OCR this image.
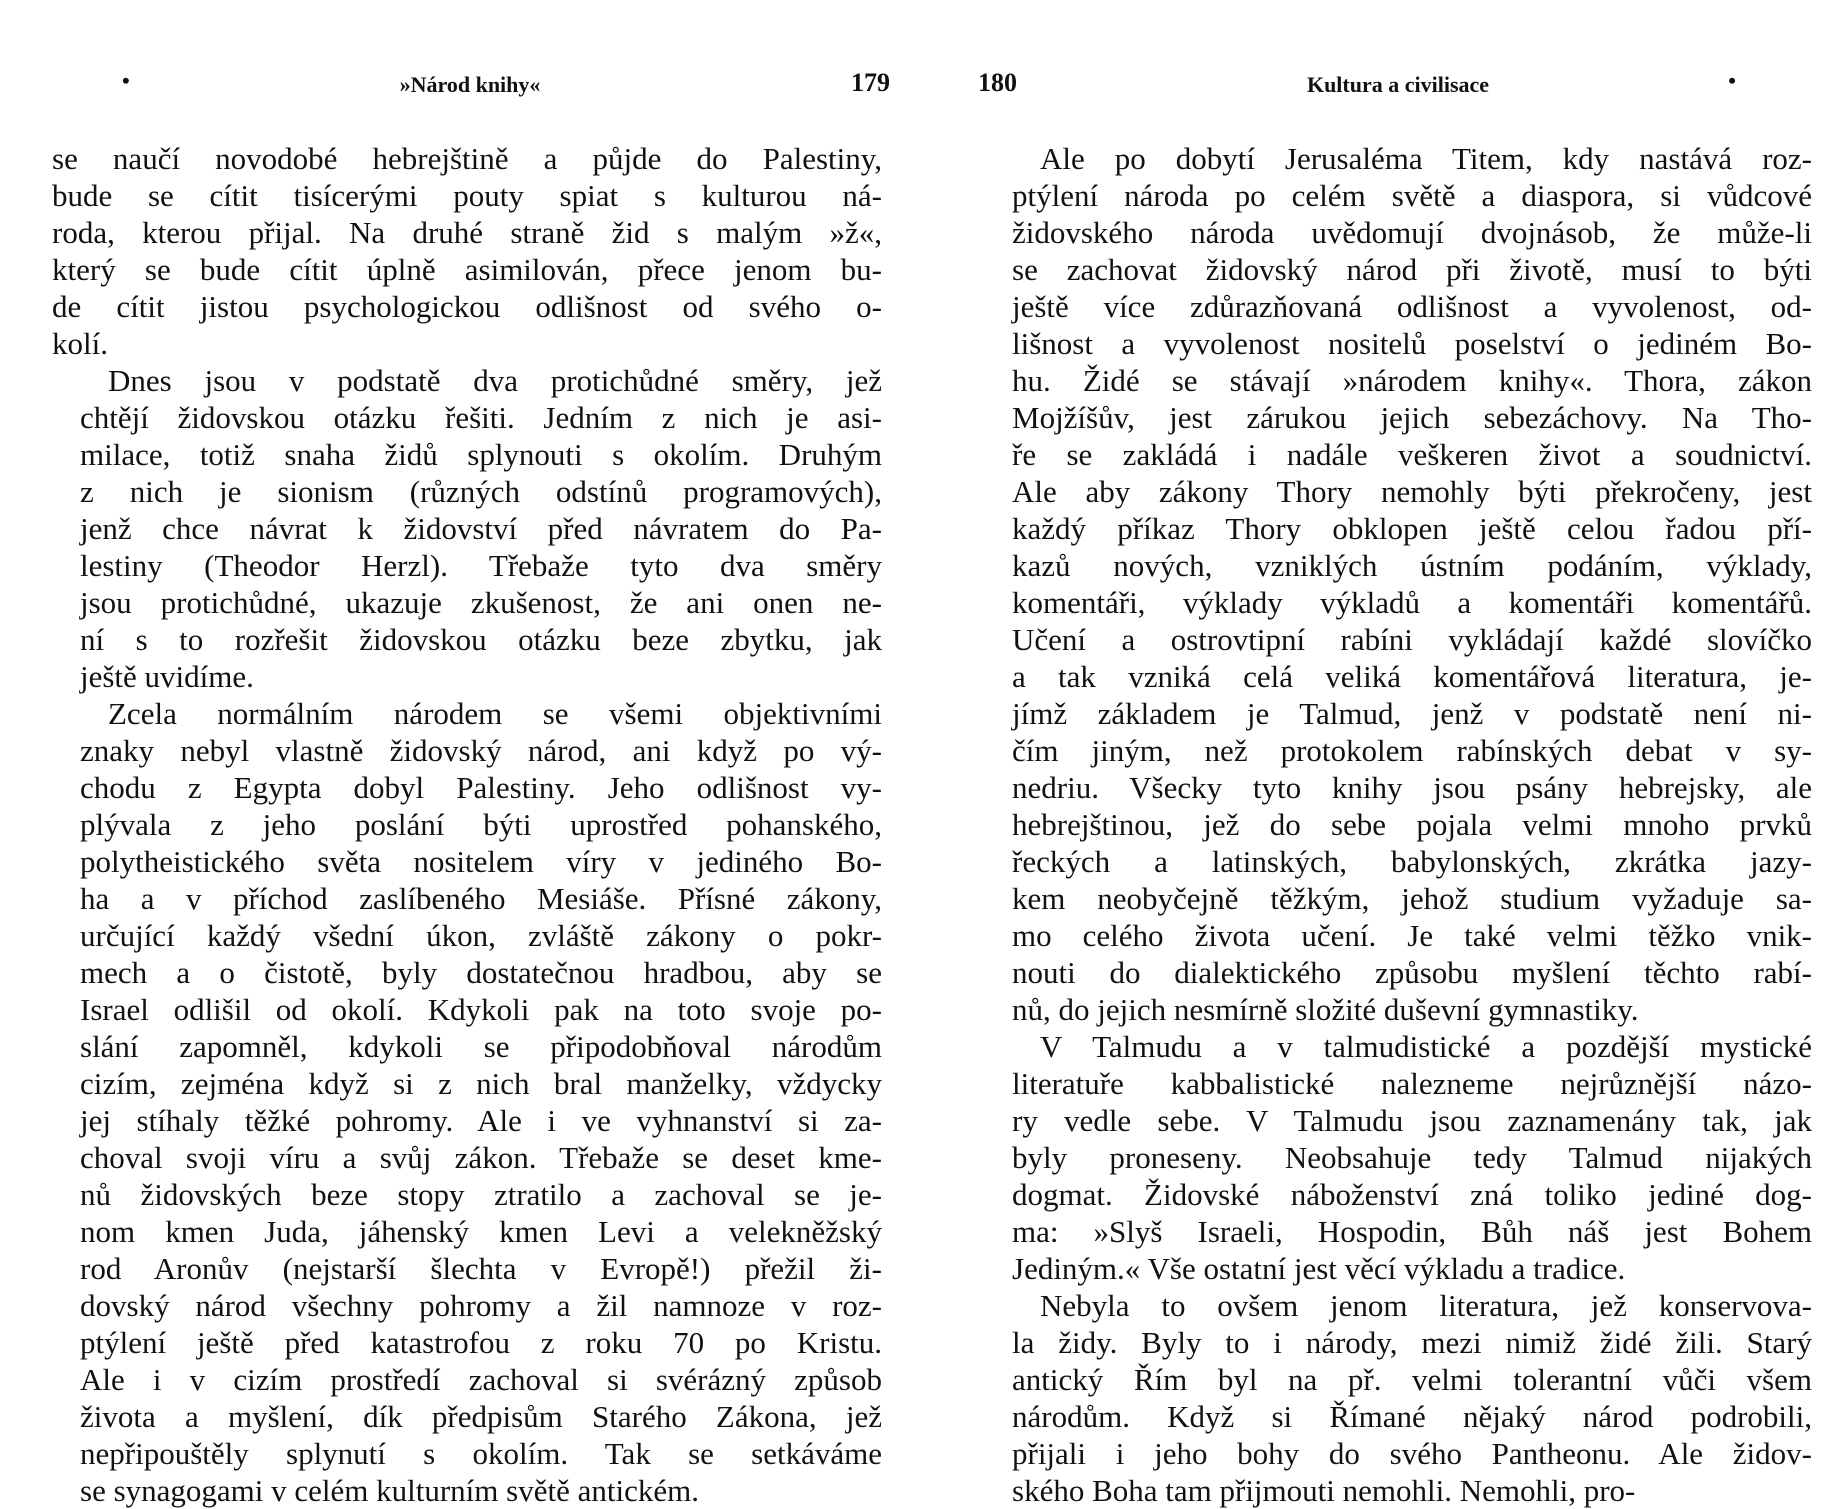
•	»Národ knihy«	179

se naučí novodobé hebrejštině a půjde do Palestiny,
bude se cítit tisícerými pouty spiat s kulturou ná-
roda, kterou přijal. Na druhé straně žid s malým »ž«,
který se bude cítit úplně asimilován, přece jenom bu-
de cítit jistou psychologickou odlišnost od svého o-
kolí.

Dnes jsou v podstatě dva protichůdné směry, jež
chtějí židovskou otázku řešiti. Jedním z nich je asi-
milace, totiž snaha židů splynouti s okolím. Druhým
z nich je sionism (různých odstínů programových),
jenž chce návrat k židovství před návratem do Pa-
lestiny (Theodor Herzl). Třebaže tyto dva směry
jsou protichůdné, ukazuje zkušenost, že ani onen ne-
ní s to rozřešit židovskou otázku beze zbytku, jak
ještě uvidíme.

Zcela normálním národem se všemi objektivními
znaky nebyl vlastně židovský národ, ani když po vý-
chodu z Egypta dobyl Palestiny. Jeho odlišnost vy-
plývala z jeho poslání býti uprostřed pohanského,
polytheistického světa nositelem víry v jediného Bo-
ha a v příchod zaslíbeného Mesiáše. Přísné zákony,
určující každý všední úkon, zvláště zákony o pokr-
mech a o čistotě, byly dostatečnou hradbou, aby se
Israel odlišil od okolí. Kdykoli pak na toto svoje po-
slání zapomněl, kdykoli se připodobňoval národům
cizím, zejména když si z nich bral manželky, vždycky
jej stíhaly těžké pohromy. Ale i ve vyhnanství si za-
choval svoji víru a svůj zákon. Třebaže se deset kme-
nů židovských beze stopy ztratilo a zachoval se je-
nom kmen Juda, jáhenský kmen Levi a velekněžský
rod Aronův (nejstarší šlechta v Evropě!) přežil ži-
dovský národ všechny pohromy a žil namnoze v roz-
ptýlení ještě před katastrofou z roku 70 po Kristu.
Ale i v cizím prostředí zachoval si svérázný způsob
života a myšlení, dík předpisům Starého Zákona, jež
nepřipouštěly splynutí s okolím. Tak se setkáváme
se synagogami v celém kulturním světě antickém.

180	Kultura a civilisace	•

Ale po dobytí Jerusaléma Titem, kdy nastává roz-
ptýlení národa po celém světě a diaspora, si vůdcové
židovského národa uvědomují dvojnásob, že může-li
se zachovat židovský národ při životě, musí to býti
ještě více zdůrazňovaná odlišnost a vyvolenost, od-
lišnost a vyvolenost nositelů poselství o jediném Bo-
hu. Židé se stávají »národem knihy«. Thora, zákon
Mojžíšův, jest zárukou jejich sebezáchovy. Na Tho-
ře se zakládá i nadále veškeren život a soudnictví.
Ale aby zákony Thory nemohly býti překročeny, jest
každý příkaz Thory obklopen ještě celou řadou pří-
kazů nových, vzniklých ústním podáním, výklady,
komentáři, výklady výkladů a komentáři komentářů.
Učení a ostrovtipní rabíni vykládají každé slovíčko
a tak vzniká celá veliká komentářová literatura, je-
jímž základem je Talmud, jenž v podstatě není ni-
čím jiným, než protokolem rabínských debat v sy-
nedriu. Všecky tyto knihy jsou psány hebrejsky, ale
hebrejštinou, jež do sebe pojala velmi mnoho prvků
řeckých a latinských, babylonských, zkrátka jazy-
kem neobyčejně těžkým, jehož studium vyžaduje sa-
mo celého života učení. Je také velmi těžko vnik-
nouti do dialektického způsobu myšlení těchto rabí-
nů, do jejich nesmírně složité duševní gymnastiky.

V Talmudu a v talmudistické a pozdější mystické
literatuře kabbalistické nalezneme nejrůznější názo-
ry vedle sebe. V Talmudu jsou zaznamenány tak, jak
byly proneseny. Neobsahuje tedy Talmud nijakých
dogmat. Židovské náboženství zná toliko jediné dog-
ma: »Slyš Israeli, Hospodin, Bůh náš jest Bohem
Jediným.« Vše ostatní jest věcí výkladu a tradice.

Nebyla to ovšem jenom literatura, jež konservova-
la židy. Byly to i národy, mezi nimiž židé žili. Starý
antický Řím byl na př. velmi tolerantní vůči všem
národům. Když si Římané nějaký národ podrobili,
přijali i jeho bohy do svého Pantheonu. Ale židov-
ského Boha tam přijmouti nemohli. Nemohli, pro-
